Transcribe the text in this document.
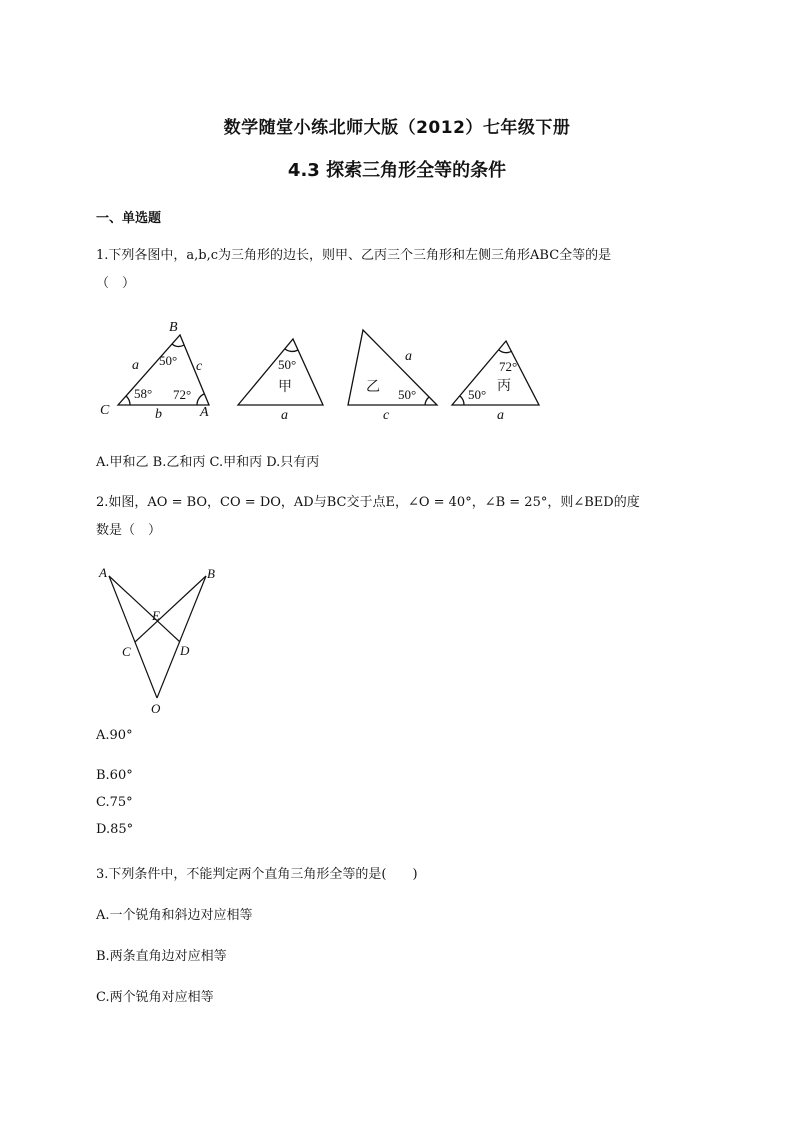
数学随堂小练北师大版（2012）七年级下册
4.3 探索三角形全等的条件
一、单选题
1.下列各图中，a,b,c为三角形的边长，则甲、乙丙三个三角形和左侧三角形ABC全等的是
（　）
B
C	A
a	c
b	a
a
c	a
50°
58° 72°
50°
50°	50°
72°
甲	乙	丙
A.甲和乙 B.乙和丙 C.甲和丙 D.只有丙
2.如图，AO = BO，CO = DO，AD与BC交于点E，∠O = 40°，∠B = 25°，则∠BED的度
数是（　）
A	B
E
C	D
O
A.90°
B.60°
C.75°
D.85°
3.下列条件中，不能判定两个直角三角形全等的是(　　)
A.一个锐角和斜边对应相等
B.两条直角边对应相等
C.两个锐角对应相等
